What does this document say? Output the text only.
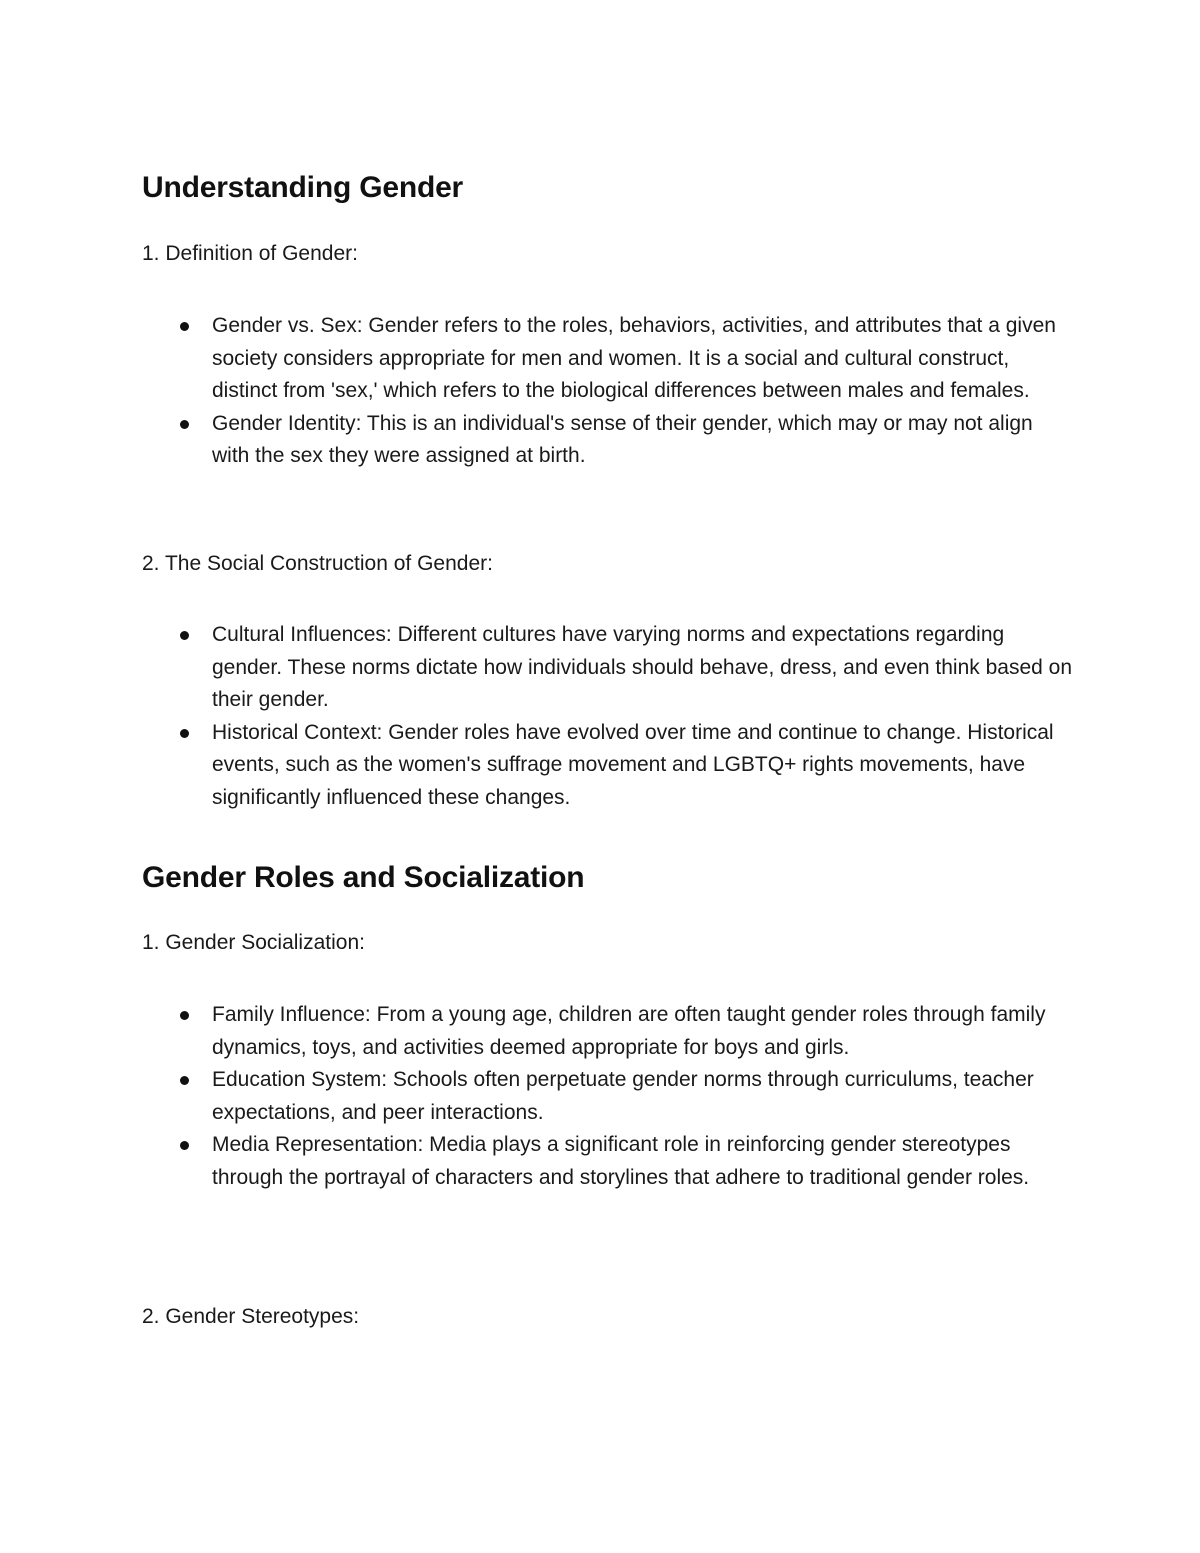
Understanding Gender

1. Definition of Gender:

Gender vs. Sex: Gender refers to the roles, behaviors, activities, and attributes that a given society considers appropriate for men and women. It is a social and cultural construct, distinct from 'sex,' which refers to the biological differences between males and females.
Gender Identity: This is an individual's sense of their gender, which may or may not align with the sex they were assigned at birth.

2. The Social Construction of Gender:

Cultural Influences: Different cultures have varying norms and expectations regarding gender. These norms dictate how individuals should behave, dress, and even think based on their gender.
Historical Context: Gender roles have evolved over time and continue to change. Historical events, such as the women's suffrage movement and LGBTQ+ rights movements, have significantly influenced these changes.
Gender Roles and Socialization

1. Gender Socialization:

Family Influence: From a young age, children are often taught gender roles through family dynamics, toys, and activities deemed appropriate for boys and girls.
Education System: Schools often perpetuate gender norms through curriculums, teacher expectations, and peer interactions.
Media Representation: Media plays a significant role in reinforcing gender stereotypes through the portrayal of characters and storylines that adhere to traditional gender roles.

2. Gender Stereotypes:
